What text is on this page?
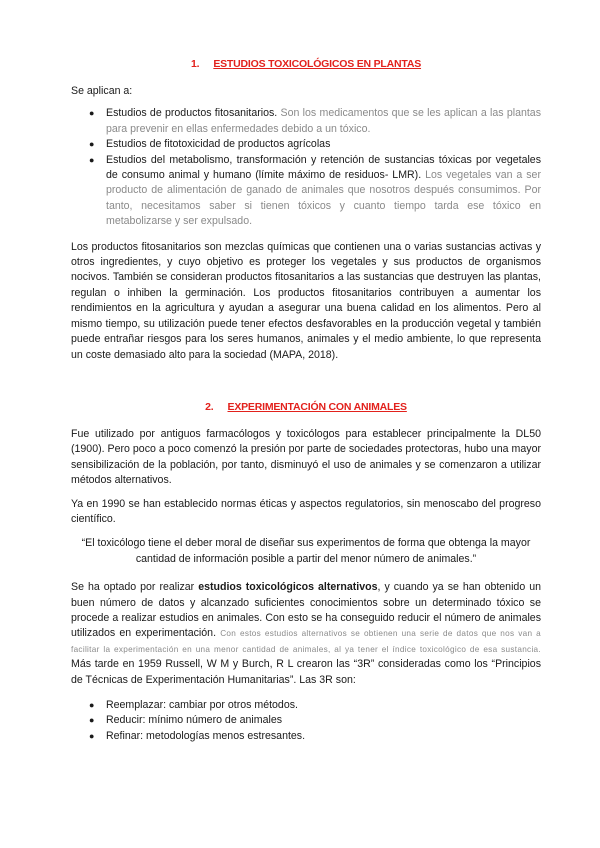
1. ESTUDIOS TOXICOLÓGICOS EN PLANTAS

Se aplican a:

● Estudios de productos fitosanitarios. Son los medicamentos que se les aplican a las plantas para prevenir en ellas enfermedades debido a un tóxico.
● Estudios de fitotoxicidad de productos agrícolas
● Estudios del metabolismo, transformación y retención de sustancias tóxicas por vegetales de consumo animal y humano (límite máximo de residuos- LMR). Los vegetales van a ser producto de alimentación de ganado de animales que nosotros después consumimos. Por tanto, necesitamos saber si tienen tóxicos y cuanto tiempo tarda ese tóxico en metabolizarse y ser expulsado.

Los productos fitosanitarios son mezclas químicas que contienen una o varias sustancias activas y otros ingredientes, y cuyo objetivo es proteger los vegetales y sus productos de organismos nocivos. También se consideran productos fitosanitarios a las sustancias que destruyen las plantas, regulan o inhiben la germinación. Los productos fitosanitarios contribuyen a aumentar los rendimientos en la agricultura y ayudan a asegurar una buena calidad en los alimentos. Pero al mismo tiempo, su utilización puede tener efectos desfavorables en la producción vegetal y también puede entrañar riesgos para los seres humanos, animales y el medio ambiente, lo que representa un coste demasiado alto para la sociedad (MAPA, 2018).

2. EXPERIMENTACIÓN CON ANIMALES

Fue utilizado por antiguos farmacólogos y toxicólogos para establecer principalmente la DL50 (1900). Pero poco a poco comenzó la presión por parte de sociedades protectoras, hubo una mayor sensibilización de la población, por tanto, disminuyó el uso de animales y se comenzaron a utilizar métodos alternativos.

Ya en 1990 se han establecido normas éticas y aspectos regulatorios, sin menoscabo del progreso científico.

“El toxicólogo tiene el deber moral de diseñar sus experimentos de forma que obtenga la mayor
cantidad de información posible a partir del menor número de animales.”

Se ha optado por realizar estudios toxicológicos alternativos, y cuando ya se han obtenido un buen número de datos y alcanzado suficientes conocimientos sobre un determinado tóxico se procede a realizar estudios en animales. Con esto se ha conseguido reducir el número de animales utilizados en experimentación. Con estos estudios alternativos se obtienen una serie de datos que nos van a facilitar la experimentación en una menor cantidad de animales, al ya tener el índice toxicológico de esa sustancia. Más tarde en 1959 Russell, W M y Burch, R L crearon las “3R” consideradas como los “Principios de Técnicas de Experimentación Humanitarias”. Las 3R son:

● Reemplazar: cambiar por otros métodos.
● Reducir: mínimo número de animales
● Refinar: metodologías menos estresantes.
